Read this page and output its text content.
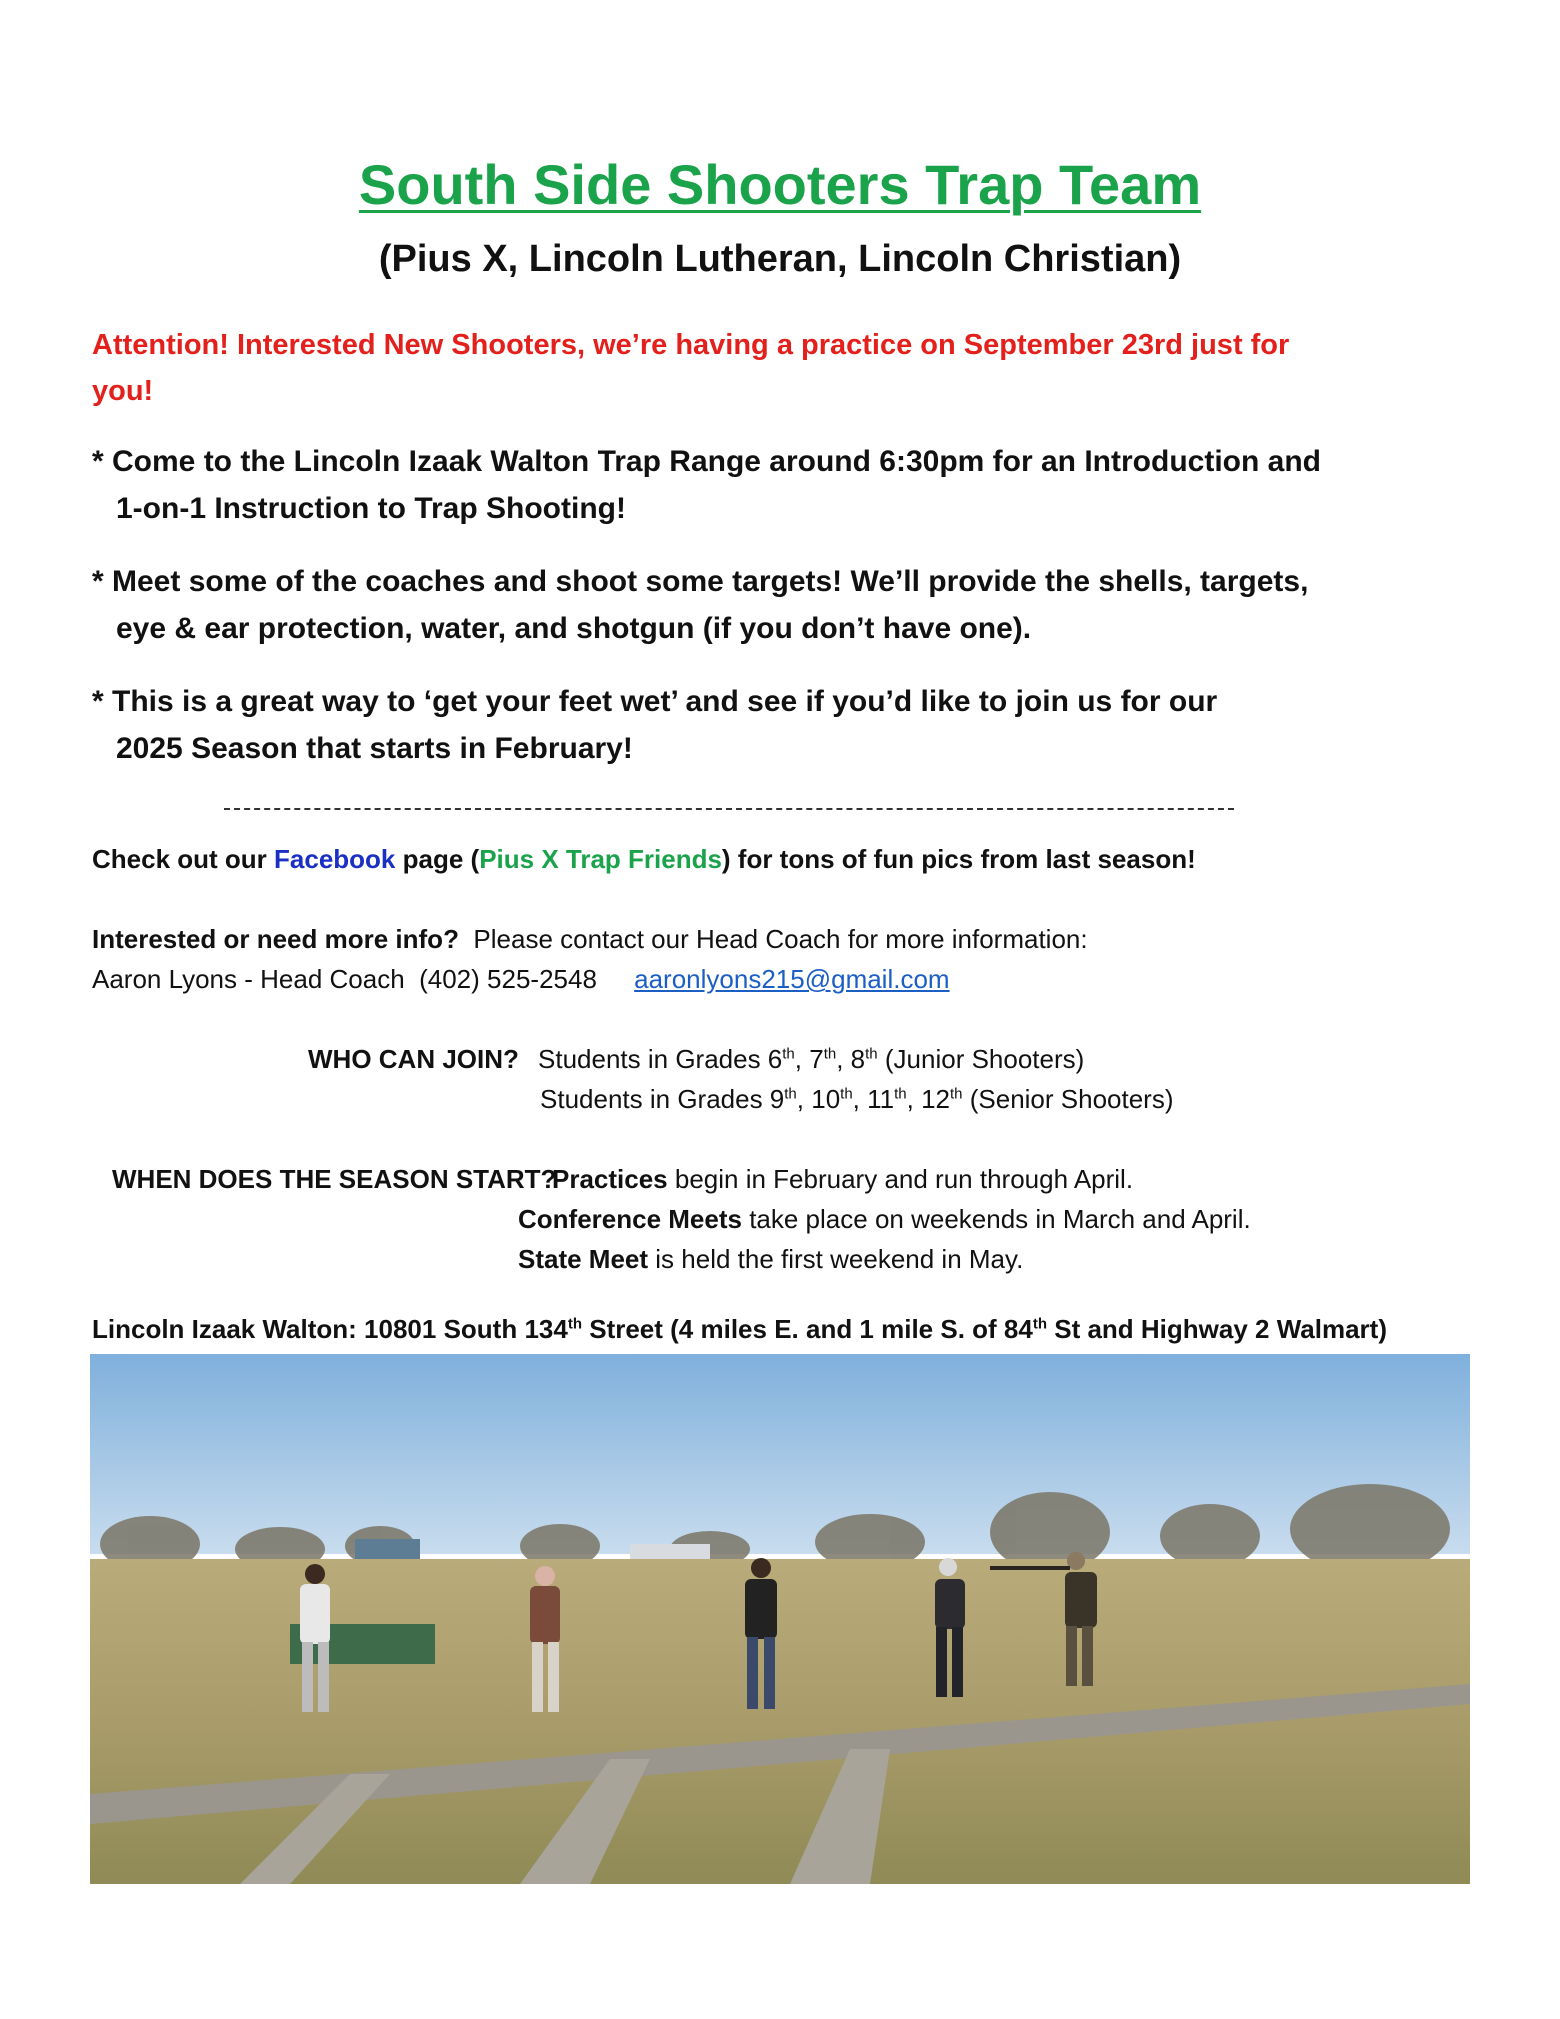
South Side Shooters Trap Team
(Pius X, Lincoln Lutheran, Lincoln Christian)
Attention! Interested New Shooters, we’re having a practice on September 23rd just for
you!
* Come to the Lincoln Izaak Walton Trap Range around 6:30pm for an Introduction and
1-on-1 Instruction to Trap Shooting!
* Meet some of the coaches and shoot some targets! We’ll provide the shells, targets,
eye & ear protection, water, and shotgun (if you don’t have one).
* This is a great way to ‘get your feet wet’ and see if you’d like to join us for our
2025 Season that starts in February!
Check out our Facebook page (Pius X Trap Friends) for tons of fun pics from last season!
Interested or need more info?  Please contact our Head Coach for more information:
Aaron Lyons - Head Coach  (402) 525-2548 aaronlyons215@gmail.com
WHO CAN JOIN? Students in Grades 6th, 7th, 8th (Junior Shooters)
Students in Grades 9th, 10th, 11th, 12th (Senior Shooters)
WHEN DOES THE SEASON START?
Practices begin in February and run through April.
Conference Meets take place on weekends in March and April.
State Meet is held the first weekend in May.
Lincoln Izaak Walton: 10801 South 134th Street (4 miles E. and 1 mile S. of 84th St and Highway 2 Walmart)
